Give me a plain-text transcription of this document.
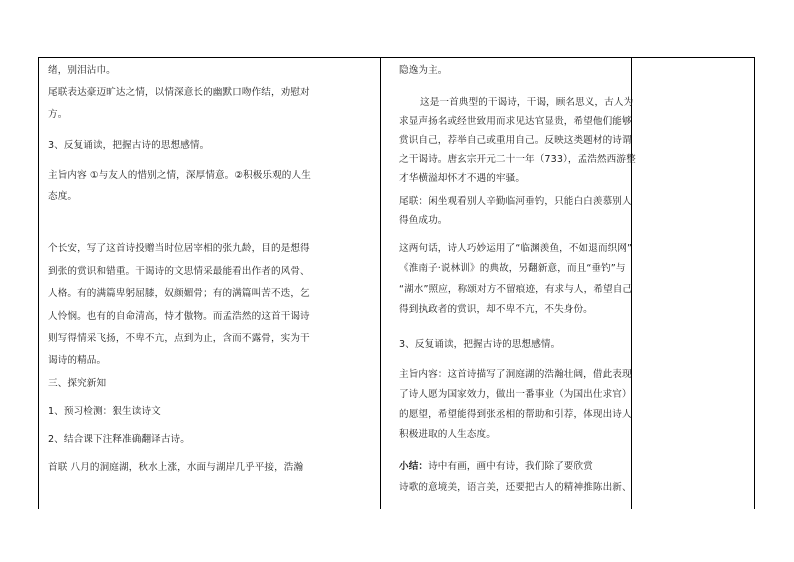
绪，别泪沾巾。
尾联表达豪迈旷达之情，以情深意长的幽默口吻作结，劝慰对
方。
3、反复诵读，把握古诗的思想感情。
主旨内容 ①与友人的惜别之情，深厚情意。②积极乐观的人生
态度。
个长安，写了这首诗投赠当时位居宰相的张九龄，目的是想得
到张的赏识和错重。干谒诗的文思情采最能看出作者的风骨、
人格。有的满篇卑躬屈膝，奴颜媚骨；有的满篇叫苦不迭，乞
人怜悯。也有的自命清高，恃才傲物。而孟浩然的这首干谒诗
则写得情采飞扬，不卑不亢，点到为止，含而不露骨，实为干
谒诗的精品。
三、探究新知
1、预习检测：狠生读诗文
2、结合课下注释准确翻译古诗。
首联 八月的洞庭湖，秋水上涨，水面与湖岸几乎平接，浩瀚
隐逸为主。
这是一首典型的干谒诗，干谒，顾名思义，古人为
求显声扬名或经世致用而求见达官显贵，希望他们能够
赏识自己，荐举自己或重用自己。反映这类题材的诗谓
之干谒诗。唐玄宗开元二十一年（733），孟浩然西游整
才华横溢却怀才不遇的牢骚。
尾联：闲坐观看别人辛勤临河垂钓，只能白白羡慕别人
得鱼成功。
这两句话，诗人巧妙运用了“临渊羡鱼，不如退而织网”
《淮南子·说林训》的典故，另翻新意，而且“垂钓”与
“湖水”照应，称颂对方不留痕迹，有求与人，希望自己
得到执政者的赏识，却不卑不亢，不失身份。
3、反复诵读，把握古诗的思想感情。
主旨内容：这首诗描写了洞庭湖的浩瀚壮阔，借此表现
了诗人愿为国家效力，做出一番事业（为国出仕求官）
的愿望，希望能得到张丞相的帮助和引荐，体现出诗人
积极进取的人生态度。
小结：诗中有画，画中有诗，我们除了要欣赏
诗歌的意境美，语言美，还要把古人的精神推陈出新、
